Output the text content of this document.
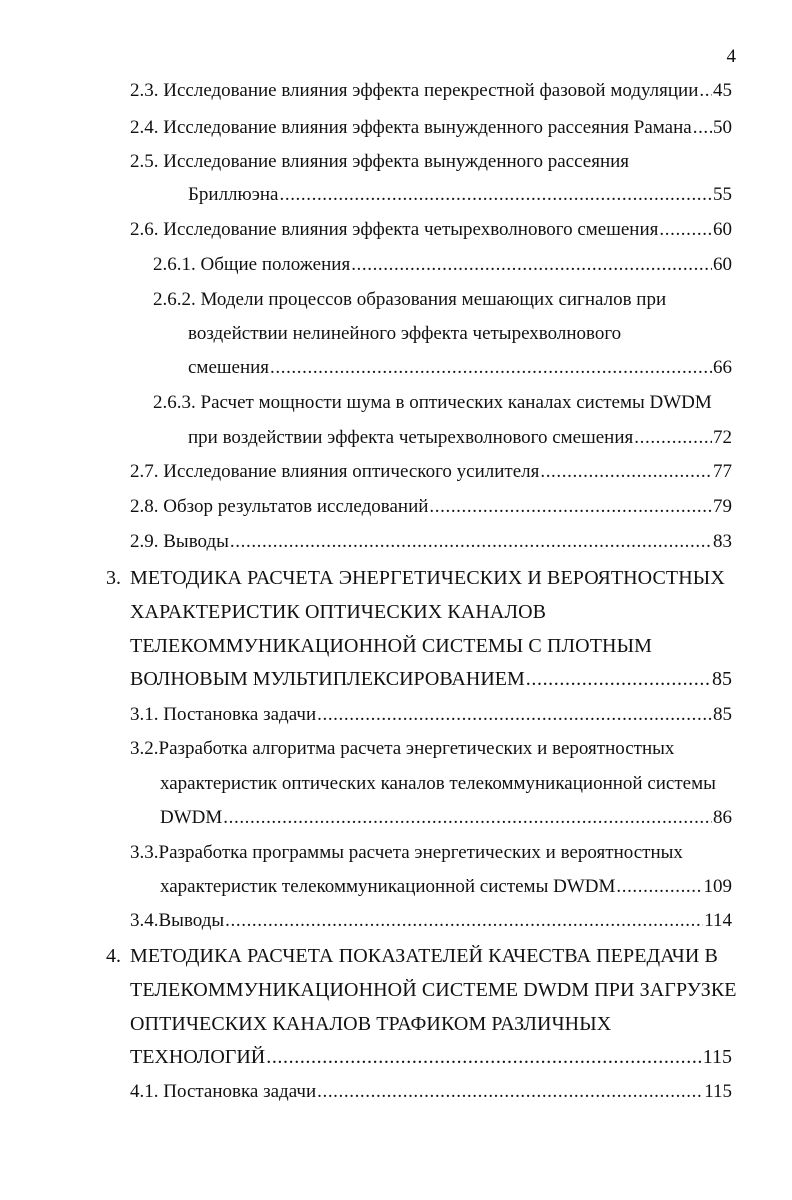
4
2.3. Исследование влияния эффекта перекрестной фазовой модуляции ..... 45
2.4. Исследование влияния эффекта вынужденного рассеяния Рамана ..... 50
2.5. Исследование влияния эффекта вынужденного рассеяния
Бриллюэна .....	55
2.6. Исследование влияния эффекта четырехволнового смешения .....	60
2.6.1. Общие положения .....	60
2.6.2. Модели процессов образования мешающих сигналов при
воздействии нелинейного эффекта четырехволнового
смешения .....	66
2.6.3. Расчет мощности шума в оптических каналах системы DWDM
при воздействии эффекта четырехволнового смешения .....	72
2.7. Исследование влияния оптического усилителя .....	77
2.8. Обзор результатов исследований .....	79
2.9. Выводы .....	83
3. МЕТОДИКА РАСЧЕТА ЭНЕРГЕТИЧЕСКИХ И ВЕРОЯТНОСТНЫХ
ХАРАКТЕРИСТИК ОПТИЧЕСКИХ КАНАЛОВ
ТЕЛЕКОММУНИКАЦИОННОЙ СИСТЕМЫ С ПЛОТНЫМ
ВОЛНОВЫМ МУЛЬТИПЛЕКСИРОВАНИЕМ .....	85
3.1. Постановка задачи .....	85
3.2.Разработка алгоритма расчета энергетических и вероятностных
характеристик оптических каналов телекоммуникационной системы
DWDM .....	86
3.3.Разработка программы расчета энергетических и вероятностных
характеристик телекоммуникационной системы DWDM .....	109
3.4.Выводы .....	114
4. МЕТОДИКА РАСЧЕТА ПОКАЗАТЕЛЕЙ КАЧЕСТВА ПЕРЕДАЧИ В
ТЕЛЕКОММУНИКАЦИОННОЙ СИСТЕМЕ DWDM ПРИ ЗАГРУЗКЕ
ОПТИЧЕСКИХ КАНАЛОВ ТРАФИКОМ РАЗЛИЧНЫХ
ТЕХНОЛОГИЙ .....	115
4.1. Постановка задачи .....	115
